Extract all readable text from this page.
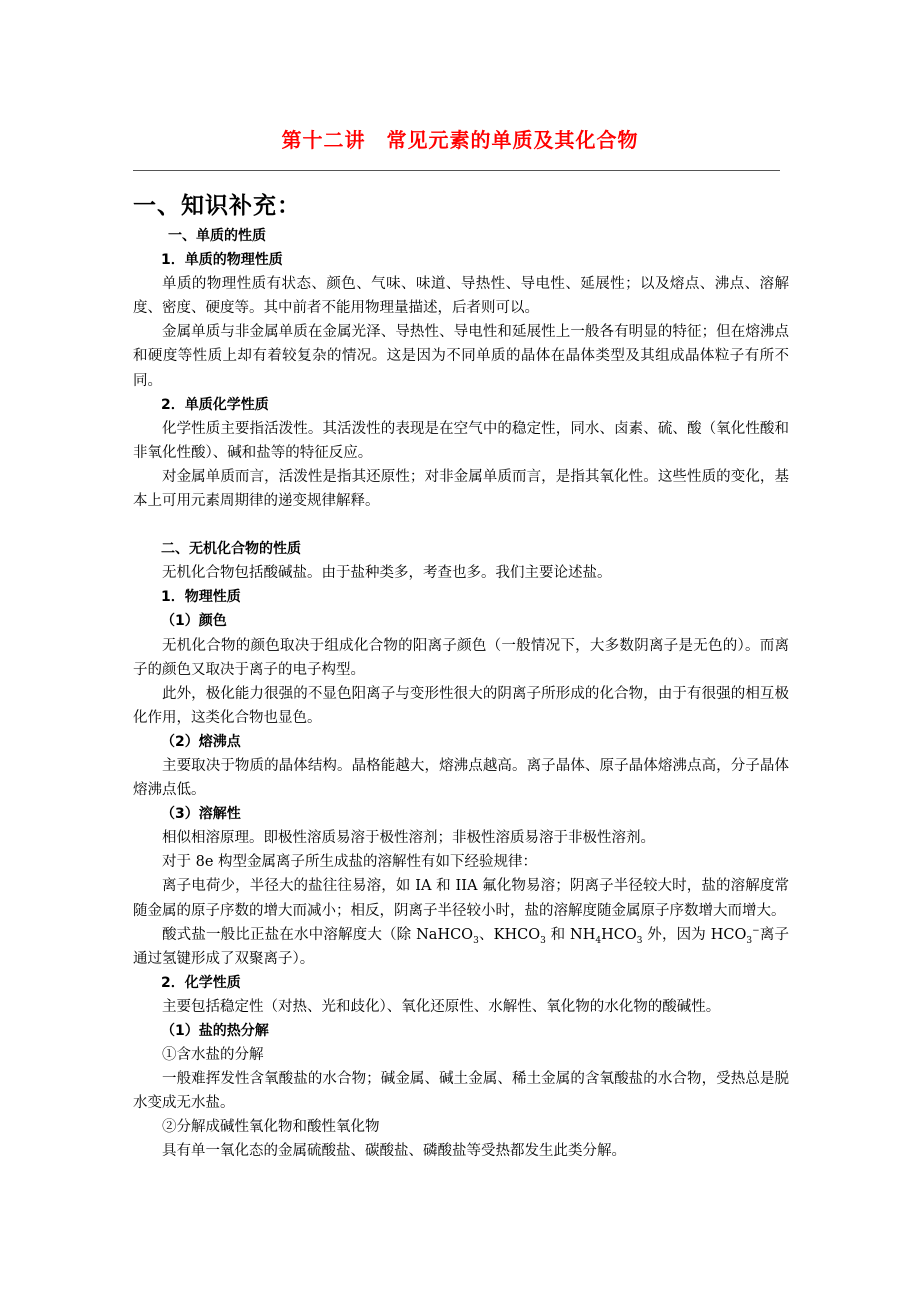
第十二讲　常见元素的单质及其化合物
一、知识补充：

一、单质的性质

1．单质的物理性质

单质的物理性质有状态、颜色、气味、味道、导热性、导电性、延展性；以及熔点、沸点、溶解度、密度、硬度等。其中前者不能用物理量描述，后者则可以。

金属单质与非金属单质在金属光泽、导热性、导电性和延展性上一般各有明显的特征；但在熔沸点和硬度等性质上却有着较复杂的情况。这是因为不同单质的晶体在晶体类型及其组成晶体粒子有所不同。

2．单质化学性质

化学性质主要指活泼性。其活泼性的表现是在空气中的稳定性，同水、卤素、硫、酸（氧化性酸和非氧化性酸）、碱和盐等的特征反应。

对金属单质而言，活泼性是指其还原性；对非金属单质而言，是指其氧化性。这些性质的变化，基本上可用元素周期律的递变规律解释。

二、无机化合物的性质

无机化合物包括酸碱盐。由于盐种类多，考查也多。我们主要论述盐。

1．物理性质

（1）颜色

无机化合物的颜色取决于组成化合物的阳离子颜色（一般情况下，大多数阴离子是无色的）。而离子的颜色又取决于离子的电子构型。

此外，极化能力很强的不显色阳离子与变形性很大的阴离子所形成的化合物，由于有很强的相互极化作用，这类化合物也显色。

（2）熔沸点

主要取决于物质的晶体结构。晶格能越大，熔沸点越高。离子晶体、原子晶体熔沸点高，分子晶体熔沸点低。

（3）溶解性

相似相溶原理。即极性溶质易溶于极性溶剂；非极性溶质易溶于非极性溶剂。

对于 8e 构型金属离子所生成盐的溶解性有如下经验规律：

离子电荷少，半径大的盐往往易溶，如 IA 和 IIA 氟化物易溶；阴离子半径较大时，盐的溶解度常随金属的原子序数的增大而减小；相反，阴离子半径较小时，盐的溶解度随金属原子序数增大而增大。

酸式盐一般比正盐在水中溶解度大（除 NaHCO$_3$、$KHCO_3$ 和 $NH_4HCO_3$ 外，因为 $HCO_3^-$离子通过氢键形成了双聚离子）。

2．化学性质

主要包括稳定性（对热、光和歧化）、氧化还原性、水解性、氧化物的水化物的酸碱性。

（1）盐的热分解

①含水盐的分解

一般难挥发性含氧酸盐的水合物；碱金属、碱土金属、稀土金属的含氧酸盐的水合物，受热总是脱水变成无水盐。

②分解成碱性氧化物和酸性氧化物

具有单一氧化态的金属硫酸盐、碳酸盐、磷酸盐等受热都发生此类分解。
